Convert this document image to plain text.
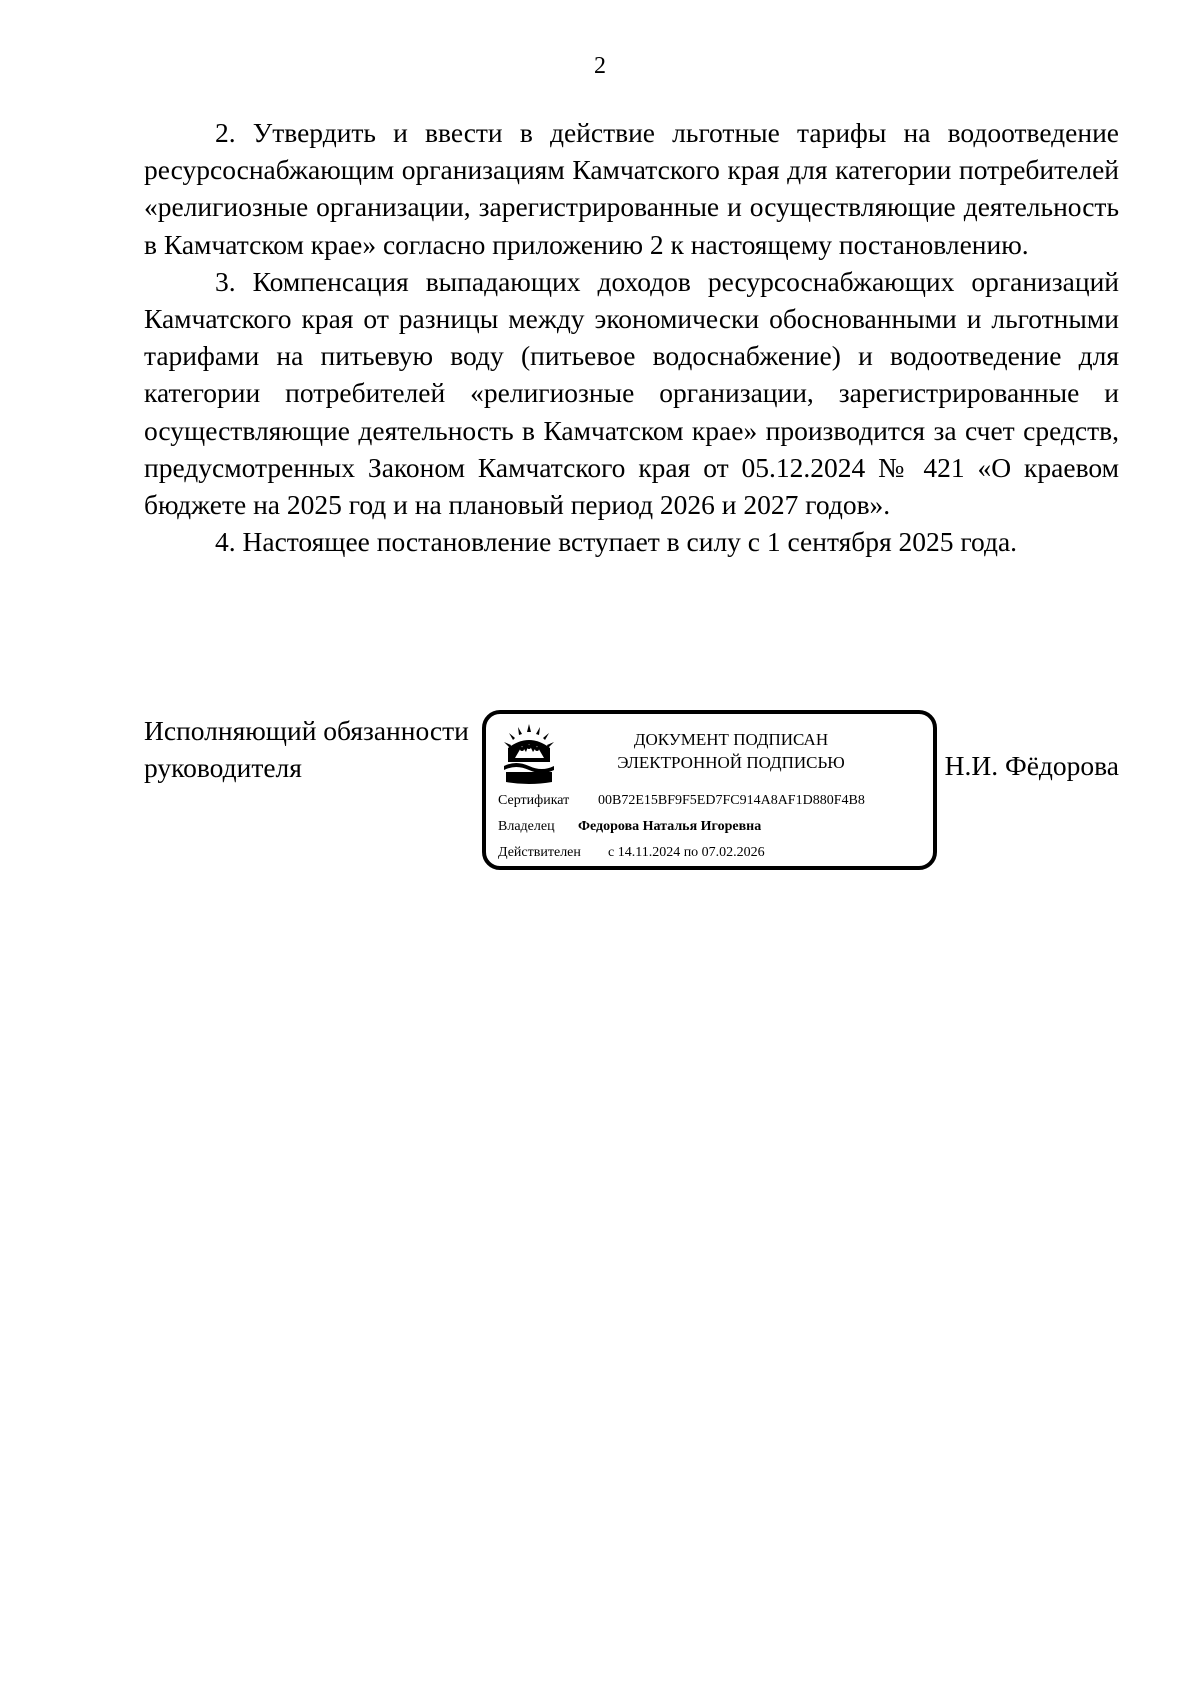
2

2. Утвердить и ввести в действие льготные тарифы на водоотведение ресурсоснабжающим организациям Камчатского края для категории потребителей «религиозные организации, зарегистрированные и осуществляющие деятельность в Камчатском крае» согласно приложению 2 к настоящему постановлению.

3. Компенсация выпадающих доходов ресурсоснабжающих организаций Камчатского края от разницы между экономически обоснованными и льготными тарифами на питьевую воду (питьевое водоснабжение) и водоотведение для категории потребителей «религиозные организации, зарегистрированные и осуществляющие деятельность в Камчатском крае» производится за счет средств, предусмотренных Законом Камчатского края от 05.12.2024 № 421 «О краевом бюджете на 2025 год и на плановый период 2026 и 2027 годов».

4. Настоящее постановление вступает в силу с 1 сентября 2025 года.

Исполняющий обязанности
руководителя	Н.И. Фёдорова
ДОКУМЕНТ ПОДПИСАН
ЭЛЕКТРОННОЙ ПОДПИСЬЮ
Сертификат 00B72E15BF9F5ED7FC914A8AF1D880F4B8
Владелец Федорова Наталья Игоревна
Действителен с 14.11.2024 по 07.02.2026
